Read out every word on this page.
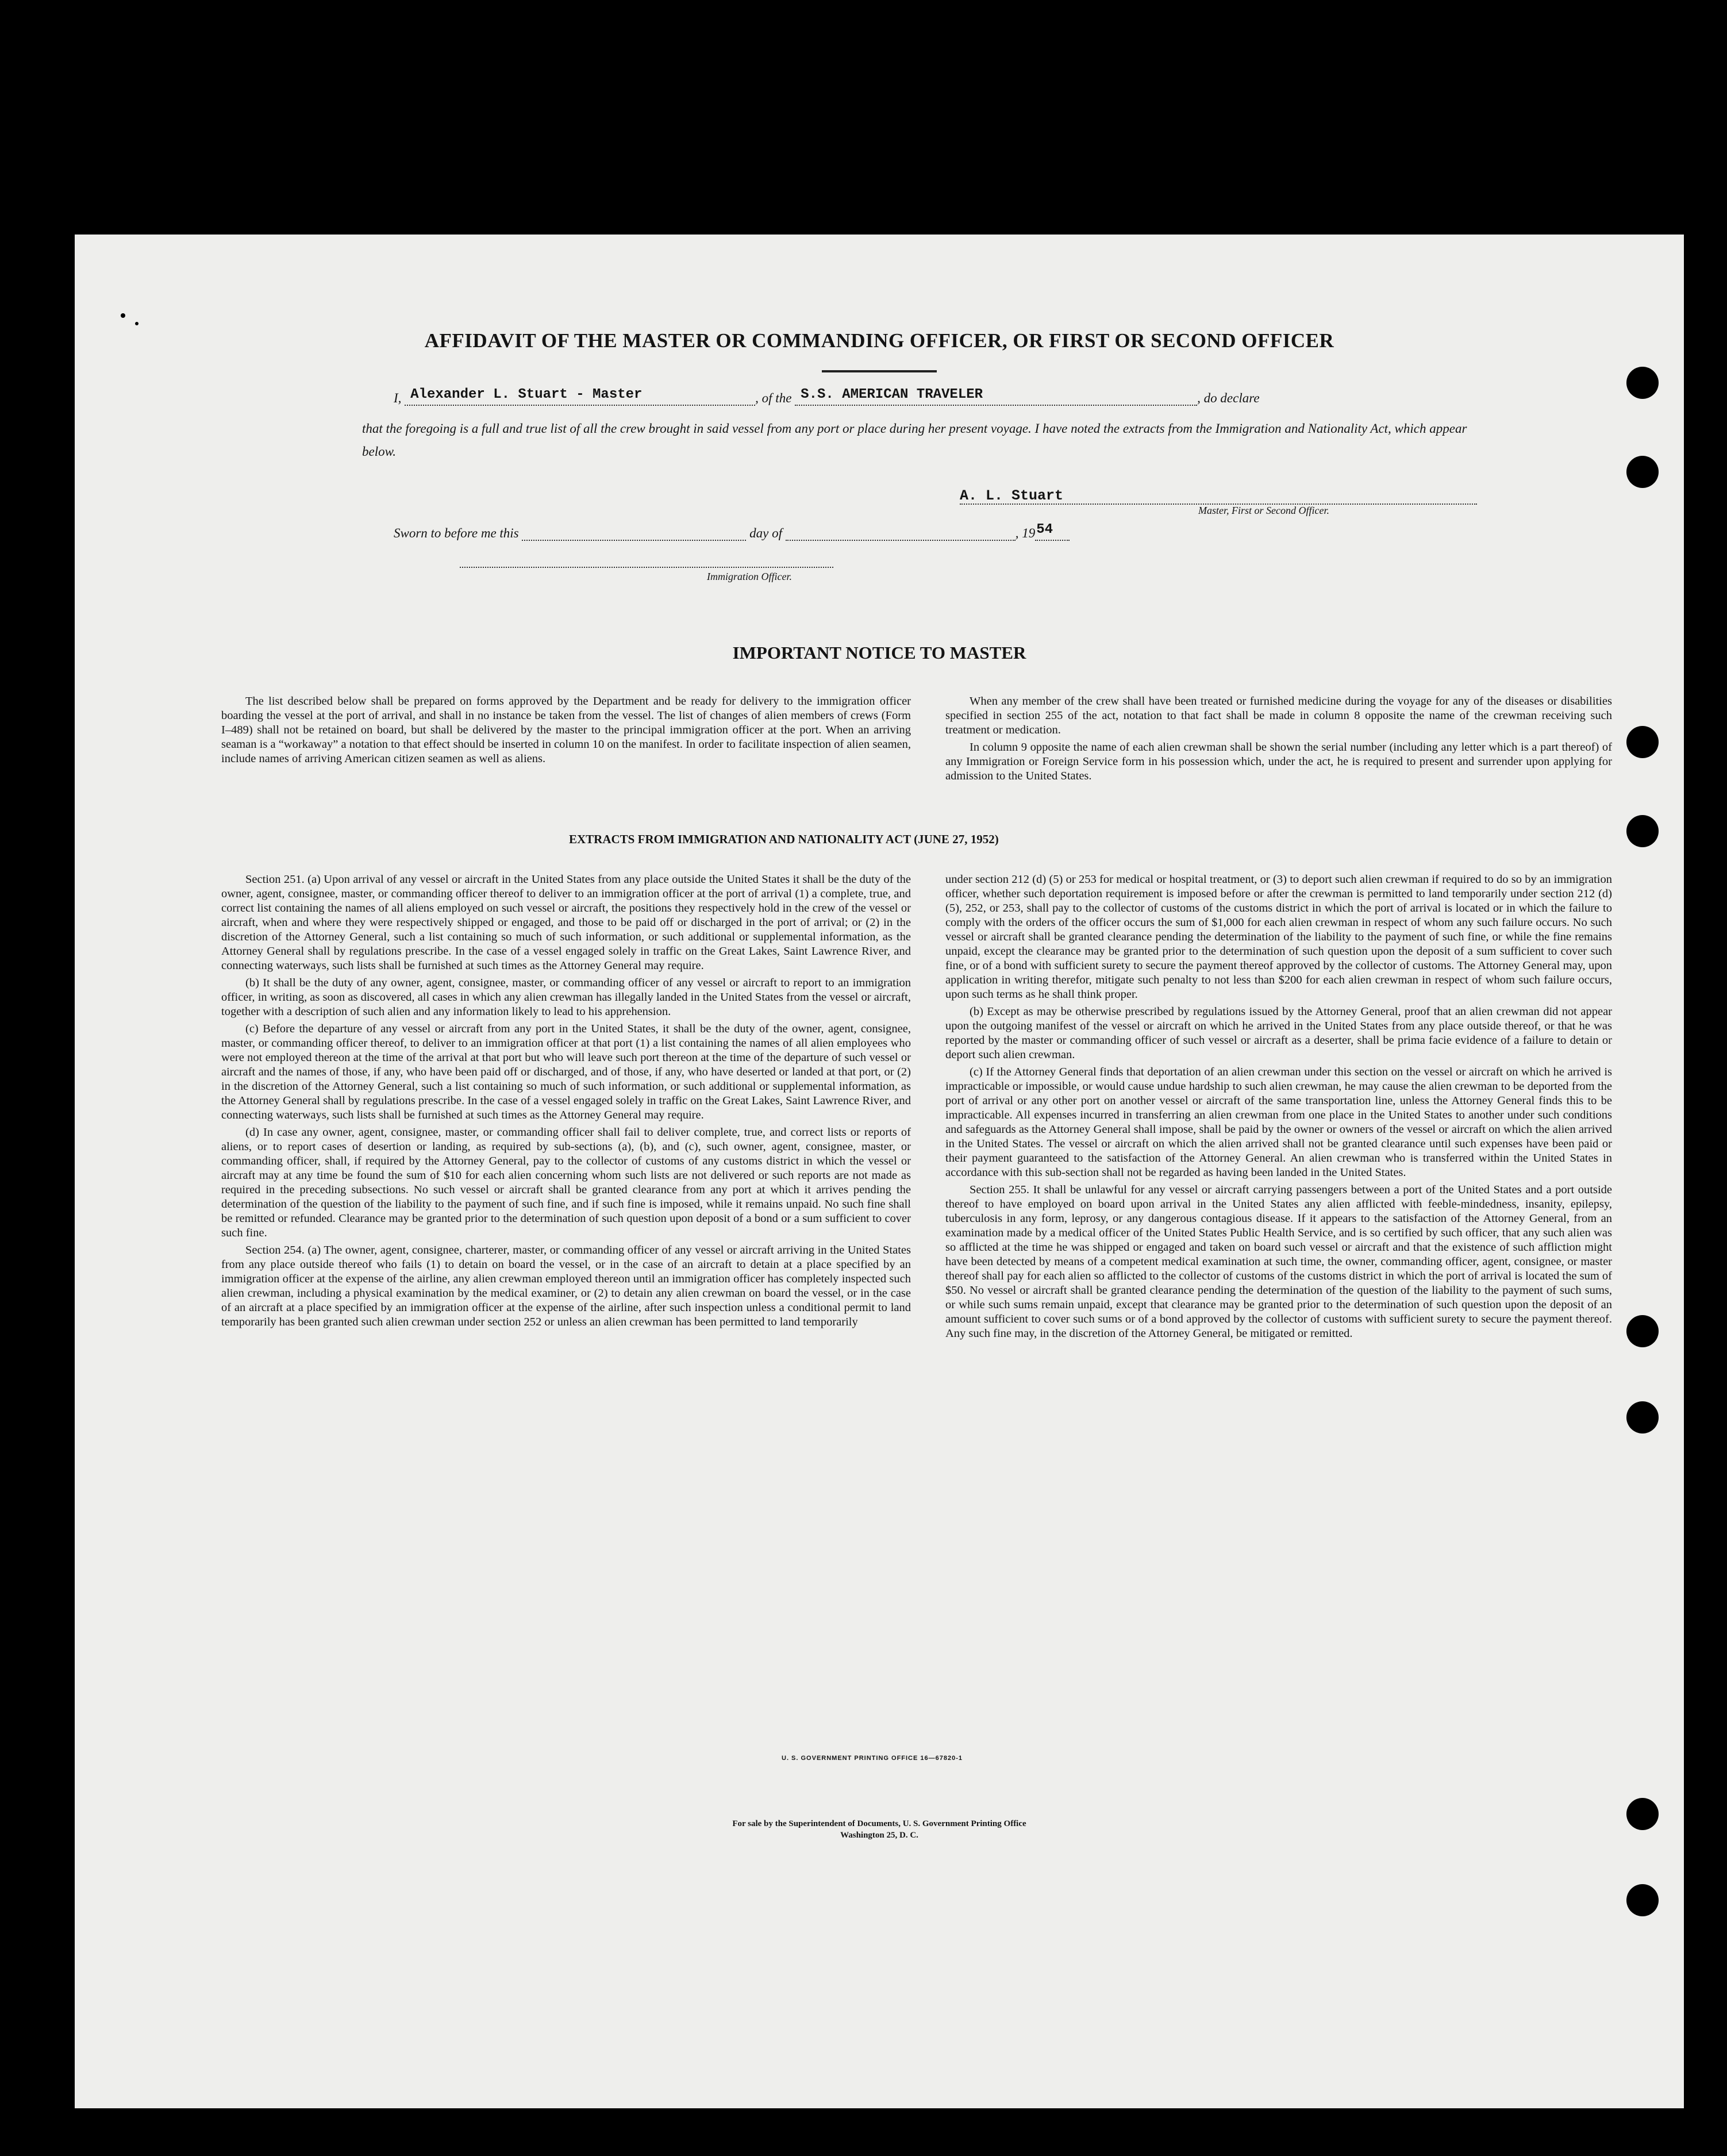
AFFIDAVIT OF THE MASTER OR COMMANDING OFFICER, OR FIRST OR SECOND OFFICER
I, Alexander L. Stuart - Master	, of the S.S. AMERICAN TRAVELER	, do declare
that the foregoing is a full and true list of all the crew brought in said vessel from any port or place during her present voyage. I have noted the extracts from the Immigration and Nationality Act, which appear below.
A. L. Stuart
Master, First or Second Officer.
Sworn to before me this	day of	, 19 54
Immigration Officer.
IMPORTANT NOTICE TO MASTER

The list described below shall be prepared on forms approved by the Department and be ready for delivery to the immigration officer boarding the vessel at the port of arrival, and shall in no instance be taken from the vessel. The list of changes of alien members of crews (Form I–489) shall not be retained on board, but shall be delivered by the master to the principal immigration officer at the port. When an arriving seaman is a “workaway” a notation to that effect should be inserted in column 10 on the manifest. In order to facilitate inspection of alien seamen, include names of arriving American citizen seamen as well as aliens.

When any member of the crew shall have been treated or furnished medicine during the voyage for any of the diseases or disabilities specified in section 255 of the act, notation to that fact shall be made in column 8 opposite the name of the crewman receiving such treatment or medication.

In column 9 opposite the name of each alien crewman shall be shown the serial number (including any letter which is a part thereof) of any Immigration or Foreign Service form in his possession which, under the act, he is required to present and surrender upon applying for admission to the United States.

EXTRACTS FROM IMMIGRATION AND NATIONALITY ACT (JUNE 27, 1952)

Section 251. (a) Upon arrival of any vessel or aircraft in the United States from any place outside the United States it shall be the duty of the owner, agent, consignee, master, or commanding officer thereof to deliver to an immigration officer at the port of arrival (1) a complete, true, and correct list containing the names of all aliens employed on such vessel or aircraft, the positions they respectively hold in the crew of the vessel or aircraft, when and where they were respectively shipped or engaged, and those to be paid off or discharged in the port of arrival; or (2) in the discretion of the Attorney General, such a list containing so much of such information, or such additional or supplemental information, as the Attorney General shall by regulations prescribe. In the case of a vessel engaged solely in traffic on the Great Lakes, Saint Lawrence River, and connecting waterways, such lists shall be furnished at such times as the Attorney General may require.

(b) It shall be the duty of any owner, agent, consignee, master, or commanding officer of any vessel or aircraft to report to an immigration officer, in writing, as soon as discovered, all cases in which any alien crewman has illegally landed in the United States from the vessel or aircraft, together with a description of such alien and any information likely to lead to his apprehension.

(c) Before the departure of any vessel or aircraft from any port in the United States, it shall be the duty of the owner, agent, consignee, master, or commanding officer thereof, to deliver to an immigration officer at that port (1) a list containing the names of all alien employees who were not employed thereon at the time of the arrival at that port but who will leave such port thereon at the time of the departure of such vessel or aircraft and the names of those, if any, who have been paid off or discharged, and of those, if any, who have deserted or landed at that port, or (2) in the discretion of the Attorney General, such a list containing so much of such information, or such additional or supplemental information, as the Attorney General shall by regulations prescribe. In the case of a vessel engaged solely in traffic on the Great Lakes, Saint Lawrence River, and connecting waterways, such lists shall be furnished at such times as the Attorney General may require.

(d) In case any owner, agent, consignee, master, or commanding officer shall fail to deliver complete, true, and correct lists or reports of aliens, or to report cases of desertion or landing, as required by sub-sections (a), (b), and (c), such owner, agent, consignee, master, or commanding officer, shall, if required by the Attorney General, pay to the collector of customs of any customs district in which the vessel or aircraft may at any time be found the sum of $10 for each alien concerning whom such lists are not delivered or such reports are not made as required in the preceding subsections. No such vessel or aircraft shall be granted clearance from any port at which it arrives pending the determination of the question of the liability to the payment of such fine, and if such fine is imposed, while it remains unpaid. No such fine shall be remitted or refunded. Clearance may be granted prior to the determination of such question upon deposit of a bond or a sum sufficient to cover such fine.

Section 254. (a) The owner, agent, consignee, charterer, master, or commanding officer of any vessel or aircraft arriving in the United States from any place outside thereof who fails (1) to detain on board the vessel, or in the case of an aircraft to detain at a place specified by an immigration officer at the expense of the airline, any alien crewman employed thereon until an immigration officer has completely inspected such alien crewman, including a physical examination by the medical examiner, or (2) to detain any alien crewman on board the vessel, or in the case of an aircraft at a place specified by an immigration officer at the expense of the airline, after such inspection unless a conditional permit to land temporarily has been granted such alien crewman under section 252 or unless an alien crewman has been permitted to land temporarily

under section 212 (d) (5) or 253 for medical or hospital treatment, or (3) to deport such alien crewman if required to do so by an immigration officer, whether such deportation requirement is imposed before or after the crewman is permitted to land temporarily under section 212 (d) (5), 252, or 253, shall pay to the collector of customs of the customs district in which the port of arrival is located or in which the failure to comply with the orders of the officer occurs the sum of $1,000 for each alien crewman in respect of whom any such failure occurs. No such vessel or aircraft shall be granted clearance pending the determination of the liability to the payment of such fine, or while the fine remains unpaid, except the clearance may be granted prior to the determination of such question upon the deposit of a sum sufficient to cover such fine, or of a bond with sufficient surety to secure the payment thereof approved by the collector of customs. The Attorney General may, upon application in writing therefor, mitigate such penalty to not less than $200 for each alien crewman in respect of whom such failure occurs, upon such terms as he shall think proper.

(b) Except as may be otherwise prescribed by regulations issued by the Attorney General, proof that an alien crewman did not appear upon the outgoing manifest of the vessel or aircraft on which he arrived in the United States from any place outside thereof, or that he was reported by the master or commanding officer of such vessel or aircraft as a deserter, shall be prima facie evidence of a failure to detain or deport such alien crewman.

(c) If the Attorney General finds that deportation of an alien crewman under this section on the vessel or aircraft on which he arrived is impracticable or impossible, or would cause undue hardship to such alien crewman, he may cause the alien crewman to be deported from the port of arrival or any other port on another vessel or aircraft of the same transportation line, unless the Attorney General finds this to be impracticable. All expenses incurred in transferring an alien crewman from one place in the United States to another under such conditions and safeguards as the Attorney General shall impose, shall be paid by the owner or owners of the vessel or aircraft on which the alien arrived in the United States. The vessel or aircraft on which the alien arrived shall not be granted clearance until such expenses have been paid or their payment guaranteed to the satisfaction of the Attorney General. An alien crewman who is transferred within the United States in accordance with this sub-section shall not be regarded as having been landed in the United States.

Section 255. It shall be unlawful for any vessel or aircraft carrying passengers between a port of the United States and a port outside thereof to have employed on board upon arrival in the United States any alien afflicted with feeble-mindedness, insanity, epilepsy, tuberculosis in any form, leprosy, or any dangerous contagious disease. If it appears to the satisfaction of the Attorney General, from an examination made by a medical officer of the United States Public Health Service, and is so certified by such officer, that any such alien was so afflicted at the time he was shipped or engaged and taken on board such vessel or aircraft and that the existence of such affliction might have been detected by means of a competent medical examination at such time, the owner, commanding officer, agent, consignee, or master thereof shall pay for each alien so afflicted to the collector of customs of the customs district in which the port of arrival is located the sum of $50. No vessel or aircraft shall be granted clearance pending the determination of the question of the liability to the payment of such sums, or while such sums remain unpaid, except that clearance may be granted prior to the determination of such question upon the deposit of an amount sufficient to cover such sums or of a bond approved by the collector of customs with sufficient surety to secure the payment thereof. Any such fine may, in the discretion of the Attorney General, be mitigated or remitted.

U. S. GOVERNMENT PRINTING OFFICE 16—67820-1
For sale by the Superintendent of Documents, U. S. Government Printing Office
Washington 25, D. C.
